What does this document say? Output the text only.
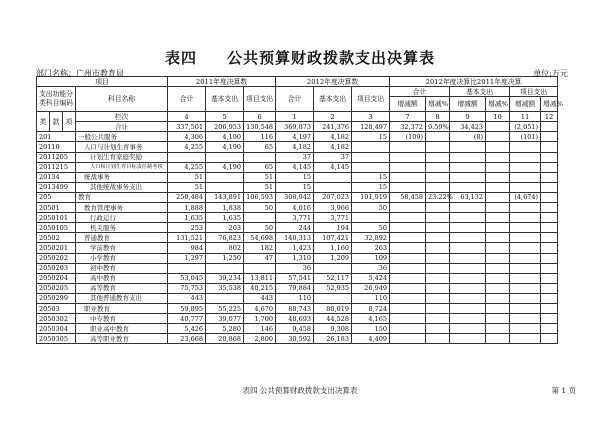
表四 公共预算财政拨款支出决算表
部门名称：广州市教育局	单位:万元
项目				2011年度决算数			2012年度决算数			2012年度决算比2011年度决算					
支出功能分类科目编码			科目名称	合计	基本支出	项目支出	合计	基本支出	项目支出	合计		基本支出		项目支出	
										增减额	增减%	增减额	增减%	增减额	增减%
类	款	项	栏次	4	5	6	1	2	3	7	8	9	10	11	12
			合计	337,501	206,953	130,548	369,873	241,376	128,497	32,372	9.59%	34,423		(2,051)	
201			一般公共服务	4,306	4,190	116	4,197	4,182	15	(109)		(8)		(101)	
20110			人口与计划生育事务	4,255	4,190	65	4,182	4,182							
2011205			计划生育家庭奖励				37	37							
2011215			人口和计划生育目标责任制考核	4,255	4,190	65	4,145	4,145							
20134			统战事务	51		51	15		15						
2013499			其他统战事务支出	51		51	15		15						
205			教育	250,484	143,891	106,593	308,942	207,023	101,919	58,458	23.22%	63,132		(4,674)	
20501			教育管理事务	1,888	1,838	50	4,016	3,966	50						
2050101			行政运行	1,635	1,635		3,771	3,771							
2050105			机关服务	253	203	50	244	194	50						
20502			普通教育	131,521	76,823	54,698	140,313	107,421	32,892						
2050201			学前教育	984	802	182	1,423	1,160	263						
2050202			小学教育	1,297	1,250	47	1,319	1,209	109						
2050203			初中教育				36		36						
2050204			高中教育	53,045	39,234	13,811	57,541	52,117	5,424						
2050205			高等教育	75,753	35,538	40,215	79,884	52,935	26,949						
2050299			其他普通教育支出	443		443	110		110						
20503			职业教育	59,895	55,225	4,670	88,743	80,019	8,724						
2050302			中专教育	40,777	39,077	1,700	48,693	44,528	4,165						
2050304			职业高中教育	5,426	5,280	146	9,458	9,308	150						
2050305			高等职业教育	23,668	20,868	2,800	30,592	26,183	4,409						
表四 公共预算财政拨款支出决算表	第 1 页
